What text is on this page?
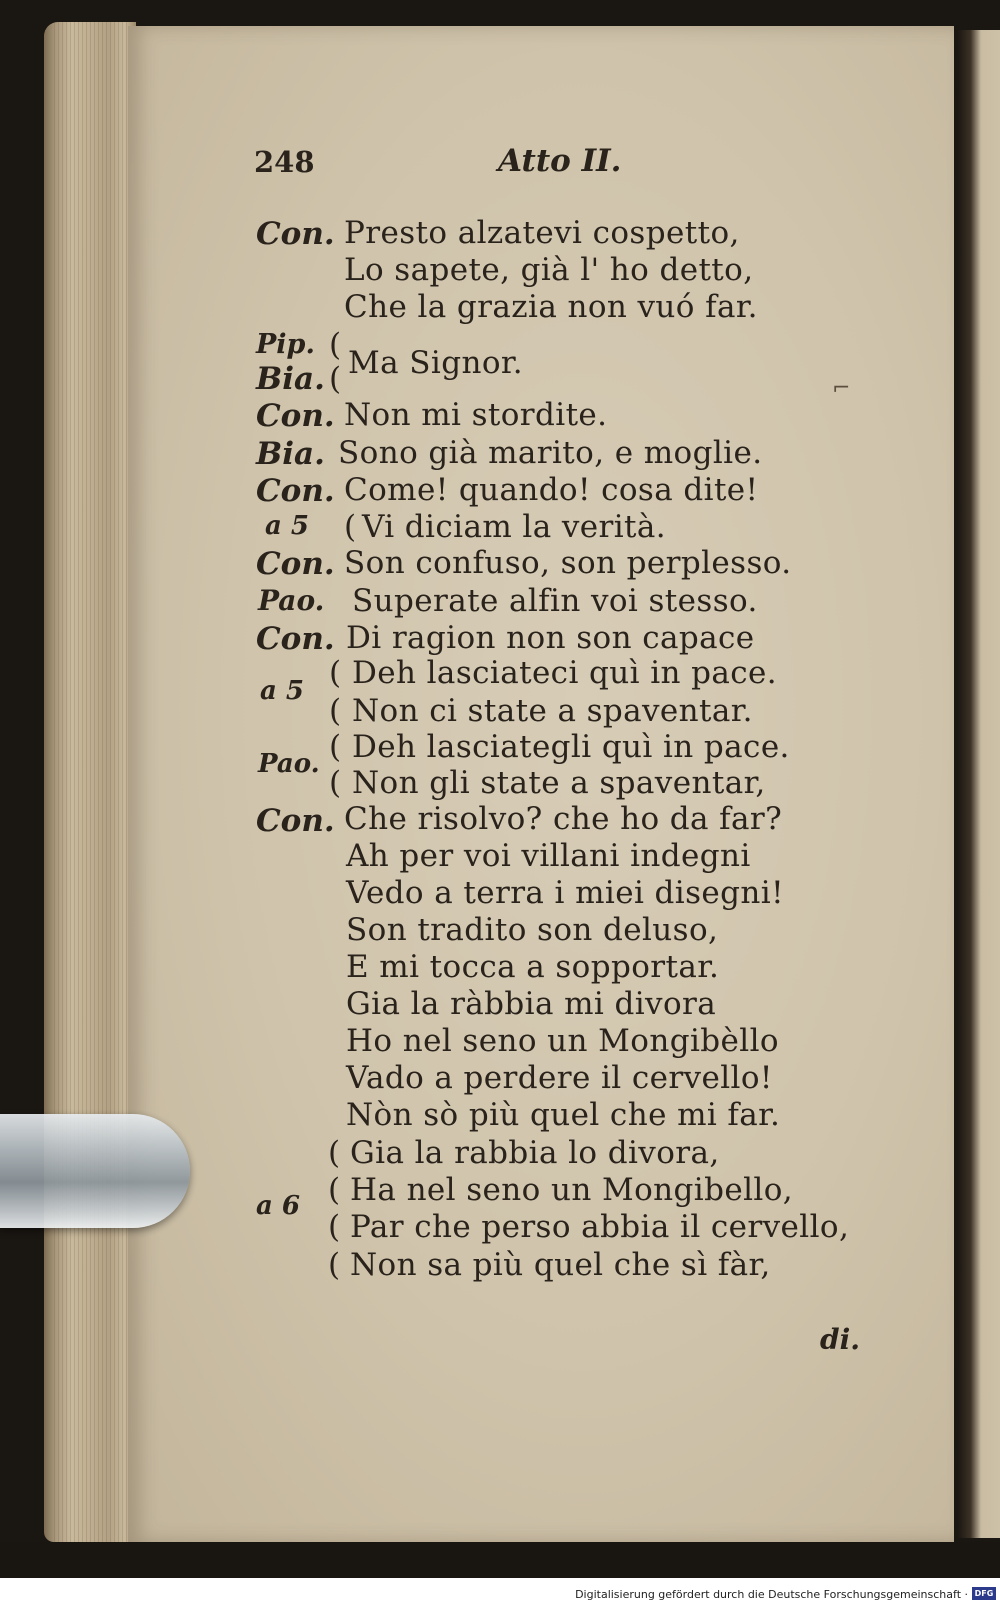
248	Atto II.
Con. Presto alzatevi cospetto,
Lo sapete, già l' ho detto,
Che la grazia non vuó far.
Pip.
Bia.
(
( Ma Signor.
Con. Non mi stordite.
Bia. Sono già marito, e moglie.
Con. Come! quando! cosa dite!
a 5 ( Vi diciam la verità.
Con. Son confuso, son perplesso.
Pao. Superate alfin voi stesso.
Con. Di ragion non son capace
( Deh lasciateci quì in pace.
a 5
( Non ci state a spaventar.
( Deh lasciategli quì in pace.
Pao.
( Non gli state a spaventar,
Con. Che risolvo? che ho da far?
Ah per voi villani indegni
Vedo a terra i miei disegni!
Son tradito son deluso,
E mi tocca a sopportar.
Gia la ràbbia mi divora
Ho nel seno un Mongibèllo
Vado a perdere il cervello!
Nòn sò più quel che mi far.
( Gia la rabbia lo divora,
a 6 ( Ha nel seno un Mongibello,
( Par che perso abbia il cervello,
( Non sa più quel che sì fàr,
di.
⌐
Digitalisierung gefördert durch die Deutsche Forschungsgemeinschaft · DFG
